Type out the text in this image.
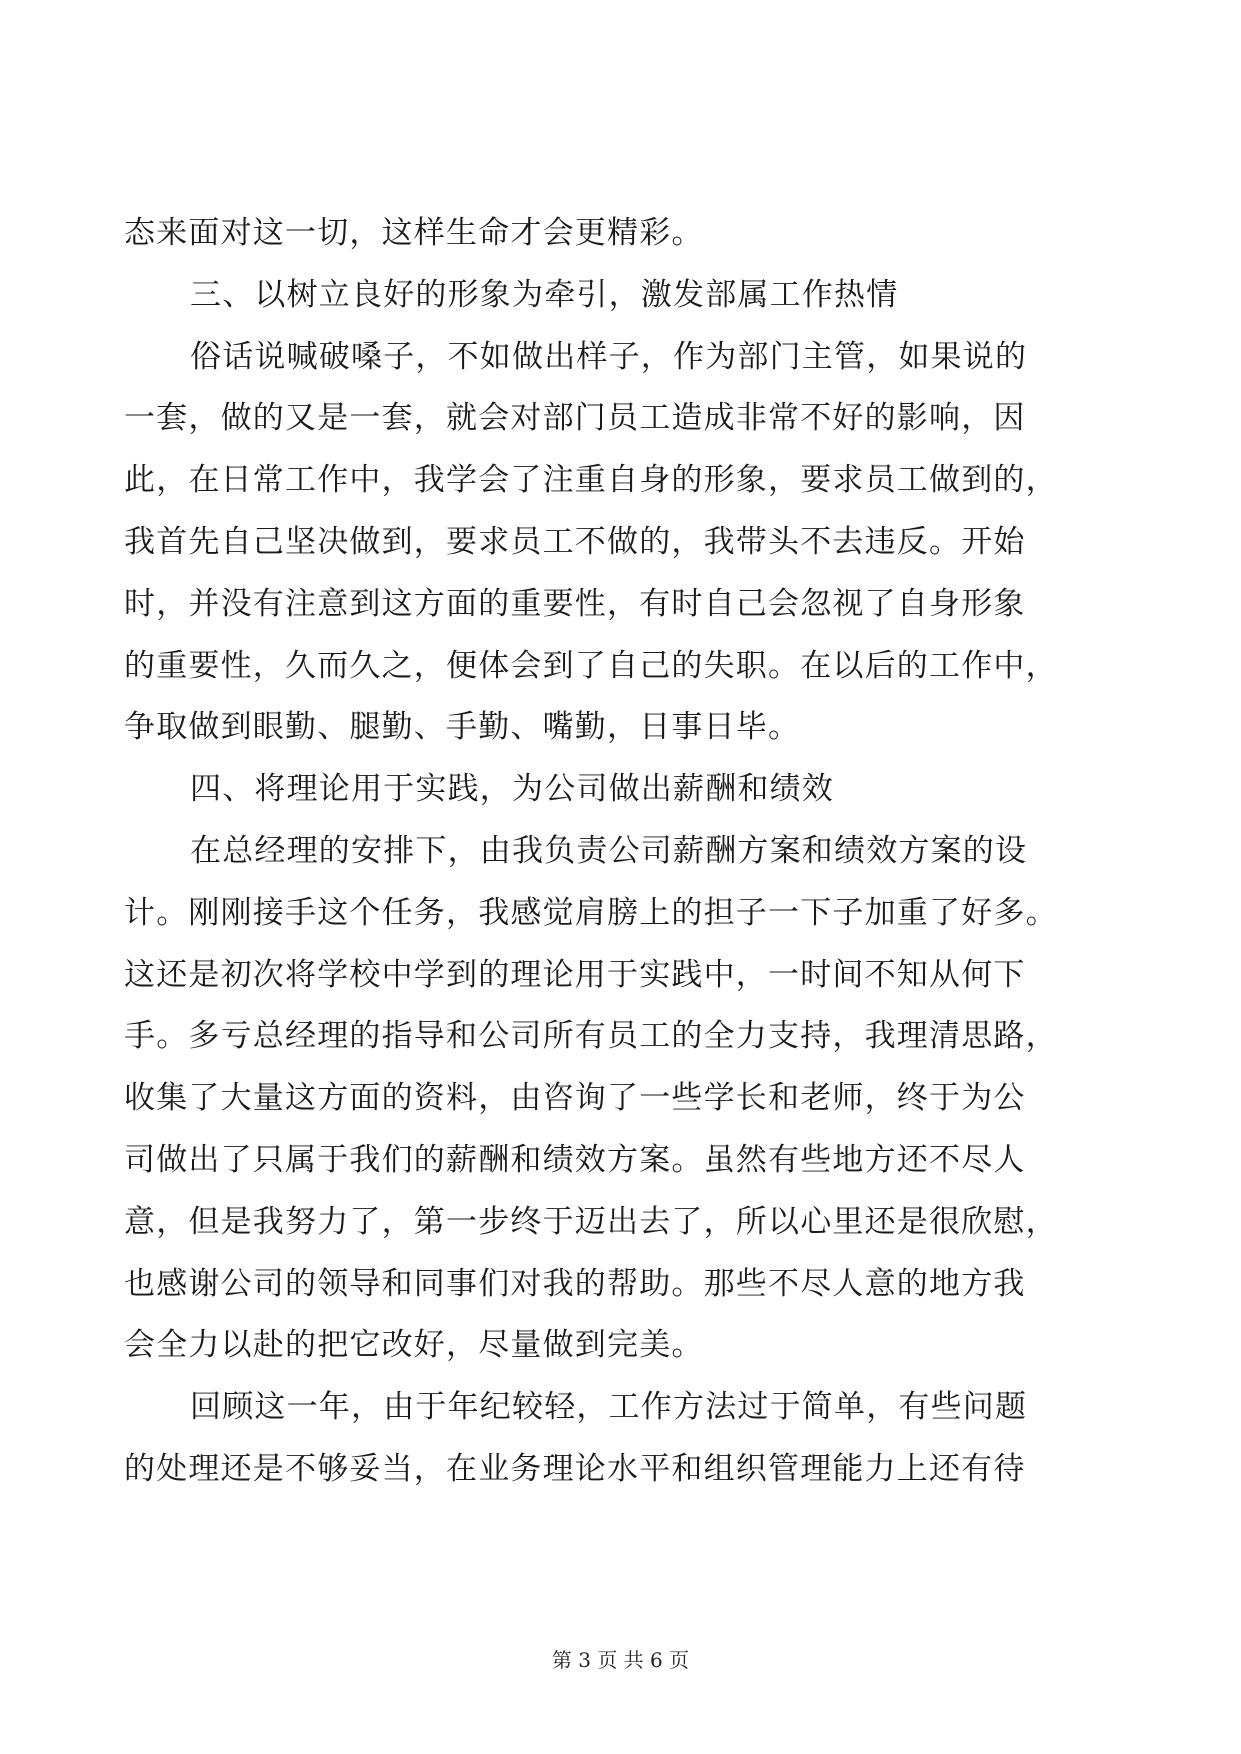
态来面对这一切，这样生命才会更精彩。
三、以树立良好的形象为牵引，激发部属工作热情
俗话说喊破嗓子，不如做出样子，作为部门主管，如果说的
一套，做的又是一套，就会对部门员工造成非常不好的影响，因
此，在日常工作中，我学会了注重自身的形象，要求员工做到的，
我首先自己坚决做到，要求员工不做的，我带头不去违反。开始
时，并没有注意到这方面的重要性，有时自己会忽视了自身形象
的重要性，久而久之，便体会到了自己的失职。在以后的工作中，
争取做到眼勤、腿勤、手勤、嘴勤，日事日毕。
四、将理论用于实践，为公司做出薪酬和绩效
在总经理的安排下，由我负责公司薪酬方案和绩效方案的设
计。刚刚接手这个任务，我感觉肩膀上的担子一下子加重了好多。
这还是初次将学校中学到的理论用于实践中，一时间不知从何下
手。多亏总经理的指导和公司所有员工的全力支持，我理清思路，
收集了大量这方面的资料，由咨询了一些学长和老师，终于为公
司做出了只属于我们的薪酬和绩效方案。虽然有些地方还不尽人
意，但是我努力了，第一步终于迈出去了，所以心里还是很欣慰，
也感谢公司的领导和同事们对我的帮助。那些不尽人意的地方我
会全力以赴的把它改好，尽量做到完美。
回顾这一年，由于年纪较轻，工作方法过于简单，有些问题
的处理还是不够妥当，在业务理论水平和组织管理能力上还有待
第 3 页 共 6 页
